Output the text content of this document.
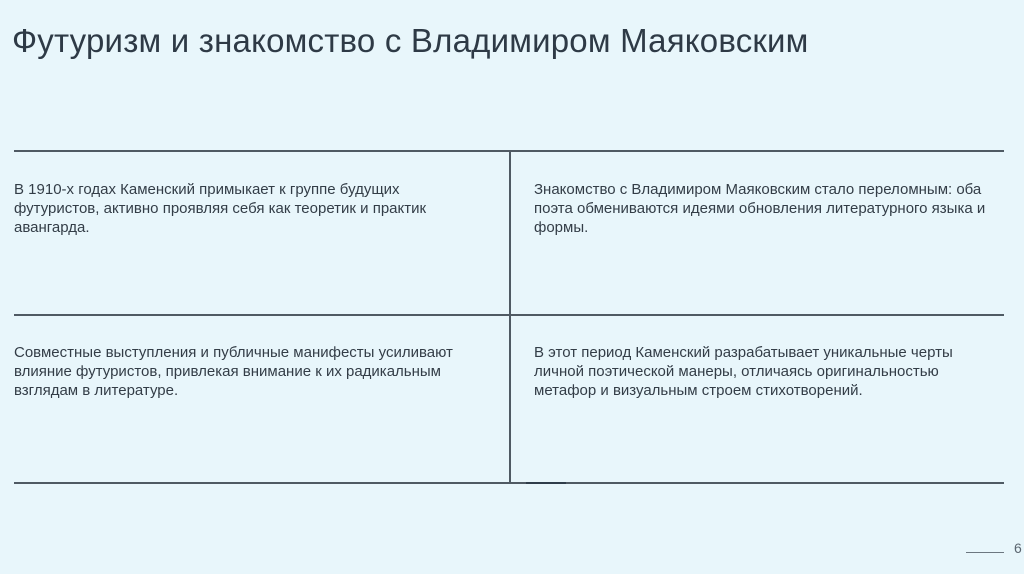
Футуризм и знакомство с Владимиром Маяковским
В 1910-х годах Каменский примыкает к группе будущих футуристов, активно проявляя себя как теоретик и практик авангарда.
Знакомство с Владимиром Маяковским стало переломным: оба поэта обмениваются идеями обновления литературного языка и формы.
Совместные выступления и публичные манифесты усиливают влияние футуристов, привлекая внимание к их радикальным взглядам в литературе.
В этот период Каменский разрабатывает уникальные черты личной поэтической манеры, отличаясь оригинальностью метафор и визуальным строем стихотворений.
6
